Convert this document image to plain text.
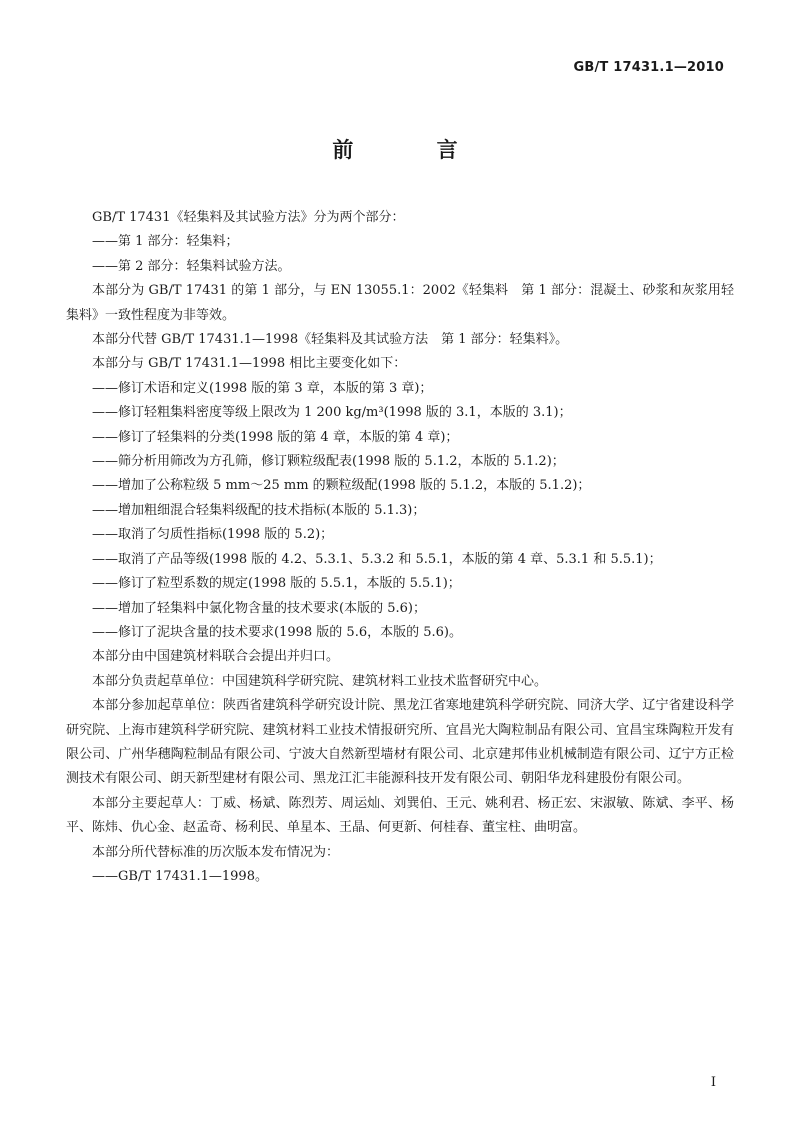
GB/T 17431.1—2010
前 言

GB/T 17431《轻集料及其试验方法》分为两个部分：

——第 1 部分：轻集料；

——第 2 部分：轻集料试验方法。

本部分为 GB/T 17431 的第 1 部分，与 EN 13055.1：2002《轻集料　第 1 部分：混凝土、砂浆和灰浆用轻集料》一致性程度为非等效。

本部分代替 GB/T 17431.1—1998《轻集料及其试验方法　第 1 部分：轻集料》。

本部分与 GB/T 17431.1—1998 相比主要变化如下：

——修订术语和定义(1998 版的第 3 章，本版的第 3 章)；

——修订轻粗集料密度等级上限改为 1 200 kg/m³(1998 版的 3.1，本版的 3.1)；

——修订了轻集料的分类(1998 版的第 4 章，本版的第 4 章)；

——筛分析用筛改为方孔筛，修订颗粒级配表(1998 版的 5.1.2，本版的 5.1.2)；

——增加了公称粒级 5 mm～25 mm 的颗粒级配(1998 版的 5.1.2，本版的 5.1.2)；

——增加粗细混合轻集料级配的技术指标(本版的 5.1.3)；

——取消了匀质性指标(1998 版的 5.2)；

——取消了产品等级(1998 版的 4.2、5.3.1、5.3.2 和 5.5.1，本版的第 4 章、5.3.1 和 5.5.1)；

——修订了粒型系数的规定(1998 版的 5.5.1，本版的 5.5.1)；

——增加了轻集料中氯化物含量的技术要求(本版的 5.6)；

——修订了泥块含量的技术要求(1998 版的 5.6，本版的 5.6)。

本部分由中国建筑材料联合会提出并归口。

本部分负责起草单位：中国建筑科学研究院、建筑材料工业技术监督研究中心。

本部分参加起草单位：陕西省建筑科学研究设计院、黑龙江省寒地建筑科学研究院、同济大学、辽宁省建设科学研究院、上海市建筑科学研究院、建筑材料工业技术情报研究所、宜昌光大陶粒制品有限公司、宜昌宝珠陶粒开发有限公司、广州华穗陶粒制品有限公司、宁波大自然新型墙材有限公司、北京建邦伟业机械制造有限公司、辽宁方正检测技术有限公司、朗天新型建材有限公司、黑龙江汇丰能源科技开发有限公司、朝阳华龙科建股份有限公司。

本部分主要起草人：丁威、杨斌、陈烈芳、周运灿、刘巽伯、王元、姚利君、杨正宏、宋淑敏、陈斌、李平、杨平、陈炜、仇心金、赵孟奇、杨利民、单星本、王晶、何更新、何桂春、董宝柱、曲明富。

本部分所代替标准的历次版本发布情况为：

——GB/T 17431.1—1998。

I
